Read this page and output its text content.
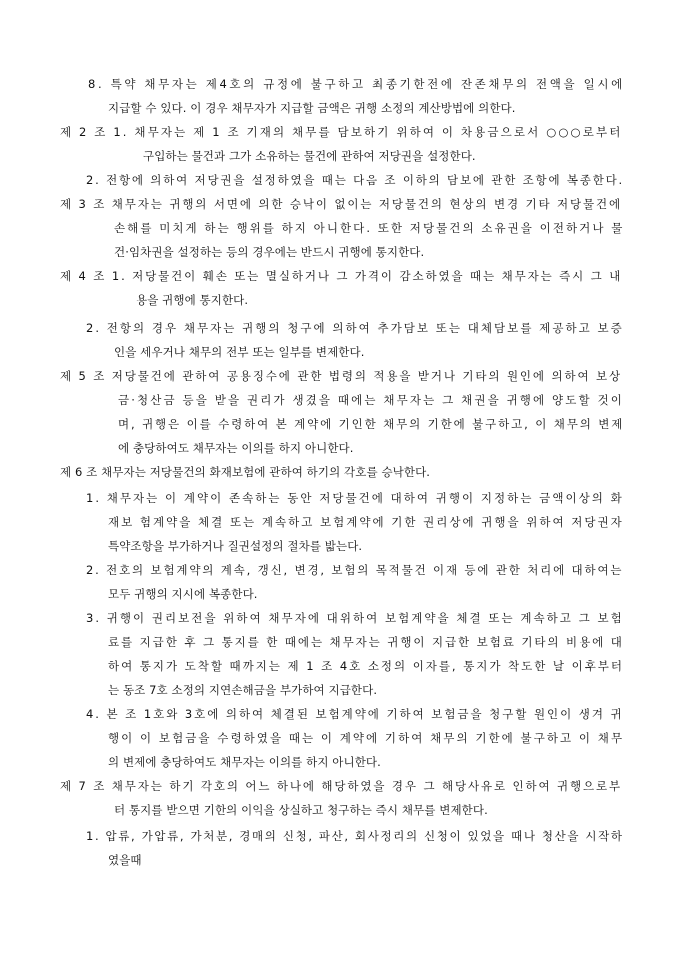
8. 특약 채무자는 제4호의 규정에 불구하고 최종기한전에 잔존채무의 전액을 일시에
지급할 수 있다. 이 경우 채무자가 지급할 금액은 귀행 소정의 계산방법에 의한다.
제 2 조 1. 채무자는 제 1 조 기재의 채무를 담보하기 위하여 이 차용금으로서 ○○○로부터
구입하는 물건과 그가 소유하는 물건에 관하여 저당권을 설정한다.
2. 전항에 의하여 저당권을 설정하였을 때는 다음 조 이하의 담보에 관한 조항에 복종한다.
제 3 조 채무자는 귀행의 서면에 의한 승낙이 없이는 저당물건의 현상의 변경 기타 저당물건에
손해를 미치게 하는 행위를 하지 아니한다. 또한 저당물건의 소유권을 이전하거나 물
건·임차권을 설정하는 등의 경우에는 반드시 귀행에 통지한다.
제 4 조 1. 저당물건이 훼손 또는 멸실하거나 그 가격이 감소하였을 때는 채무자는 즉시 그 내
용을 귀행에 통지한다.
2. 전항의 경우 채무자는 귀행의 청구에 의하여 추가담보 또는 대체담보를 제공하고 보증
인을 세우거나 채무의 전부 또는 일부를 변제한다.
제 5 조 저당물건에 관하여 공용징수에 관한 법령의 적용을 받거나 기타의 원인에 의하여 보상
금·청산금 등을 받을 권리가 생겼을 때에는 채무자는 그 채권을 귀행에 양도할 것이
며, 귀행은 이를 수령하여 본 계약에 기인한 채무의 기한에 불구하고, 이 채무의 변제
에 충당하여도 채무자는 이의를 하지 아니한다.
제 6 조 채무자는 저당물건의 화재보험에 관하여 하기의 각호를 승낙한다.
1. 채무자는 이 계약이 존속하는 동안 저당물건에 대하여 귀행이 지정하는 금액이상의 화
재보 험계약을 체결 또는 계속하고 보험계약에 기한 권리상에 귀행을 위하여 저당권자
특약조항을 부가하거나 질권설정의 절차를 밟는다.
2. 전호의 보험계약의 계속, 갱신, 변경, 보험의 목적물건 이재 등에 관한 처리에 대하여는
모두 귀행의 지시에 복종한다.
3. 귀행이 권리보전을 위하여 채무자에 대위하여 보험계약을 체결 또는 계속하고 그 보험
료를 지급한 후 그 통지를 한 때에는 채무자는 귀행이 지급한 보험료 기타의 비용에 대
하여 통지가 도착할 때까지는 제 1 조 4호 소정의 이자를, 통지가 착도한 날 이후부터
는 동조 7호 소정의 지연손해금을 부가하여 지급한다.
4. 본 조 1호와 3호에 의하여 체결된 보험계약에 기하여 보험금을 청구할 원인이 생겨 귀
행이 이 보험금을 수령하였을 때는 이 계약에 기하여 채무의 기한에 불구하고 이 채무
의 변제에 충당하여도 채무자는 이의를 하지 아니한다.
제 7 조 채무자는 하기 각호의 어느 하나에 해당하였을 경우 그 해당사유로 인하여 귀행으로부
터 통지를 받으면 기한의 이익을 상실하고 청구하는 즉시 채무를 변제한다.
1. 압류, 가압류, 가처분, 경매의 신청, 파산, 회사정리의 신청이 있었을 때나 청산을 시작하
였을때
